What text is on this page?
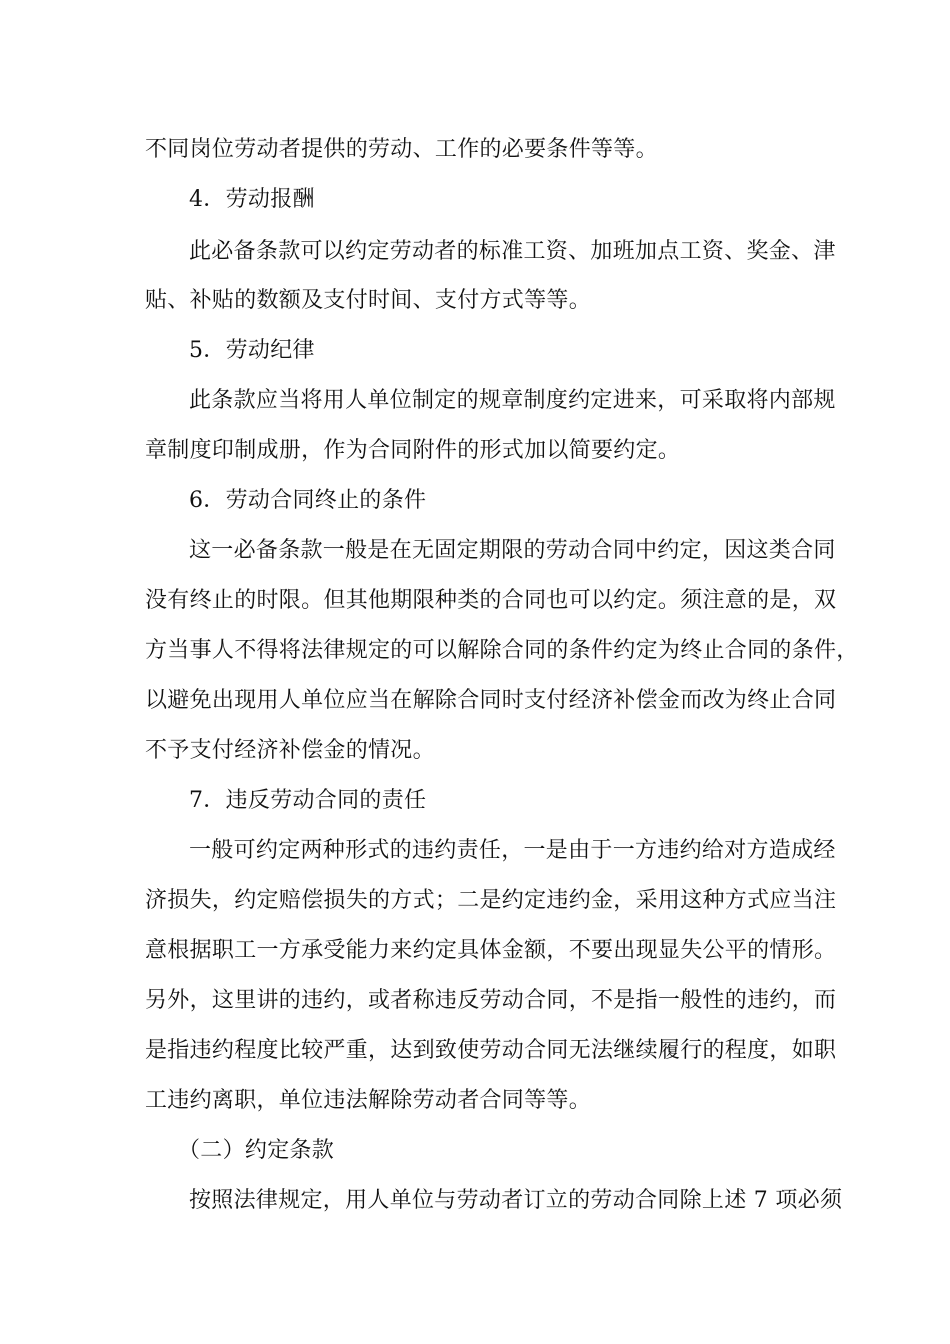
不同岗位劳动者提供的劳动、工作的必要条件等等。
4．劳动报酬
此必备条款可以约定劳动者的标准工资、加班加点工资、奖金、津
贴、补贴的数额及支付时间、支付方式等等。
5．劳动纪律
此条款应当将用人单位制定的规章制度约定进来，可采取将内部规
章制度印制成册，作为合同附件的形式加以简要约定。
6．劳动合同终止的条件
这一必备条款一般是在无固定期限的劳动合同中约定，因这类合同
没有终止的时限。但其他期限种类的合同也可以约定。须注意的是，双
方当事人不得将法律规定的可以解除合同的条件约定为终止合同的条件，
以避免出现用人单位应当在解除合同时支付经济补偿金而改为终止合同
不予支付经济补偿金的情况。
7．违反劳动合同的责任
一般可约定两种形式的违约责任，一是由于一方违约给对方造成经
济损失，约定赔偿损失的方式；二是约定违约金，采用这种方式应当注
意根据职工一方承受能力来约定具体金额，不要出现显失公平的情形。
另外，这里讲的违约，或者称违反劳动合同，不是指一般性的违约，而
是指违约程度比较严重，达到致使劳动合同无法继续履行的程度，如职
工违约离职，单位违法解除劳动者合同等等。
（二）约定条款
按照法律规定，用人单位与劳动者订立的劳动合同除上述 7 项必须
